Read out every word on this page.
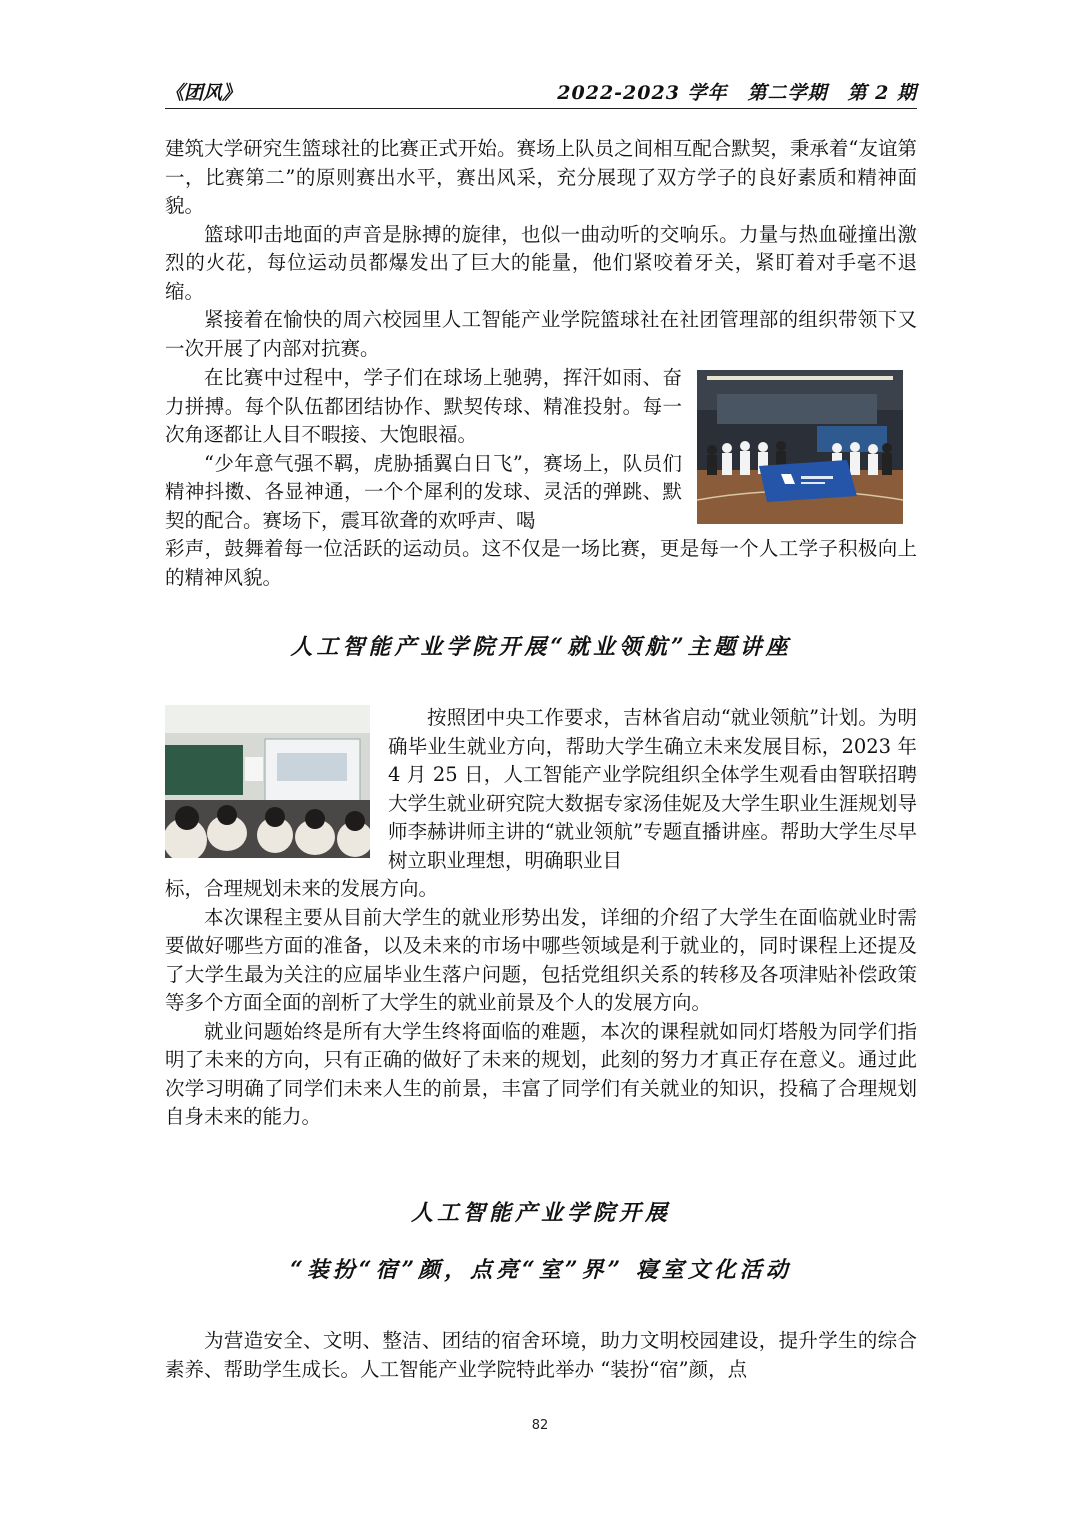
《团风》	2022-2023 学年　第二学期　第 2 期

建筑大学研究生篮球社的比赛正式开始。赛场上队员之间相互配合默契，秉承着“友谊第一，比赛第二”的原则赛出水平，赛出风采，充分展现了双方学子的良好素质和精神面貌。

篮球叩击地面的声音是脉搏的旋律，也似一曲动听的交响乐。力量与热血碰撞出激烈的火花，每位运动员都爆发出了巨大的能量，他们紧咬着牙关，紧盯着对手毫不退缩。

紧接着在愉快的周六校园里人工智能产业学院篮球社在社团管理部的组织带领下又一次开展了内部对抗赛。

在比赛中过程中，学子们在球场上驰骋，挥汗如雨、奋力拼搏。每个队伍都团结协作、默契传球、精准投射。每一次角逐都让人目不暇接、大饱眼福。

“少年意气强不羁，虎胁插翼白日飞”，赛场上，队员们精神抖擞、各显神通，一个个犀利的发球、灵活的弹跳、默契的配合。赛场下，震耳欲聋的欢呼声、喝

彩声，鼓舞着每一位活跃的运动员。这不仅是一场比赛，更是每一个人工学子积极向上的精神风貌。

人工智能产业学院开展“就业领航”主题讲座

按照团中央工作要求，吉林省启动“就业领航”计划。为明确毕业生就业方向，帮助大学生确立未来发展目标，2023 年 4 月 25 日，人工智能产业学院组织全体学生观看由智联招聘大学生就业研究院大数据专家汤佳妮及大学生职业生涯规划导师李赫讲师主讲的“就业领航”专题直播讲座。帮助大学生尽早树立职业理想，明确职业目

标，合理规划未来的发展方向。

本次课程主要从目前大学生的就业形势出发，详细的介绍了大学生在面临就业时需要做好哪些方面的准备，以及未来的市场中哪些领域是利于就业的，同时课程上还提及了大学生最为关注的应届毕业生落户问题，包括党组织关系的转移及各项津贴补偿政策等多个方面全面的剖析了大学生的就业前景及个人的发展方向。

就业问题始终是所有大学生终将面临的难题，本次的课程就如同灯塔般为同学们指明了未来的方向，只有正确的做好了未来的规划，此刻的努力才真正存在意义。通过此次学习明确了同学们未来人生的前景，丰富了同学们有关就业的知识，投稿了合理规划自身未来的能力。

人工智能产业学院开展
“装扮“宿”颜，点亮“室”界” 寝室文化活动

为营造安全、文明、整洁、团结的宿舍环境，助力文明校园建设，提升学生的综合素养、帮助学生成长。人工智能产业学院特此举办 “装扮“宿”颜，点

82
